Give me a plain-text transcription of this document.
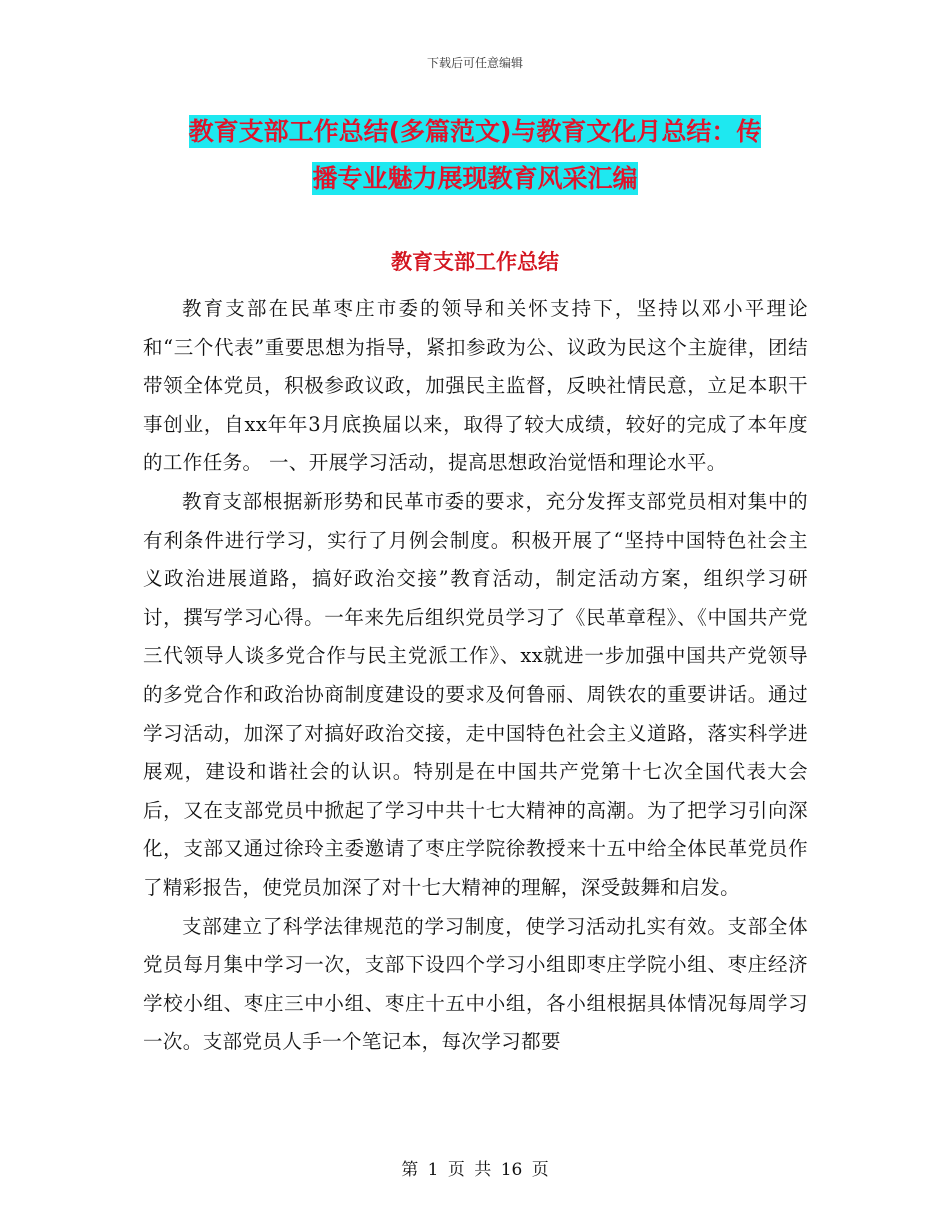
下载后可任意编辑
教育支部工作总结(多篇范文)与教育文化月总结：传
播专业魅力展现教育风采汇编
教育支部工作总结

教育支部在民革枣庄市委的领导和关怀支持下，坚持以邓小平理论和“三个代表”重要思想为指导，紧扣参政为公、议政为民这个主旋律，团结带领全体党员，积极参政议政，加强民主监督，反映社情民意，立足本职干事创业，自xx年年3月底换届以来，取得了较大成绩，较好的完成了本年度的工作任务。 一、开展学习活动，提高思想政治觉悟和理论水平。

教育支部根据新形势和民革市委的要求，充分发挥支部党员相对集中的有利条件进行学习，实行了月例会制度。积极开展了“坚持中国特色社会主义政治进展道路，搞好政治交接”教育活动，制定活动方案，组织学习研讨，撰写学习心得。一年来先后组织党员学习了《民革章程》、《中国共产党三代领导人谈多党合作与民主党派工作》、xx就进一步加强中国共产党领导的多党合作和政治协商制度建设的要求及何鲁丽、周铁农的重要讲话。通过学习活动，加深了对搞好政治交接，走中国特色社会主义道路，落实科学进展观，建设和谐社会的认识。特别是在中国共产党第十七次全国代表大会后，又在支部党员中掀起了学习中共十七大精神的高潮。为了把学习引向深化，支部又通过徐玲主委邀请了枣庄学院徐教授来十五中给全体民革党员作了精彩报告，使党员加深了对十七大精神的理解，深受鼓舞和启发。

支部建立了科学法律规范的学习制度，使学习活动扎实有效。支部全体党员每月集中学习一次，支部下设四个学习小组即枣庄学院小组、枣庄经济学校小组、枣庄三中小组、枣庄十五中小组，各小组根据具体情况每周学习一次。支部党员人手一个笔记本，每次学习都要

第 1 页 共 16 页
